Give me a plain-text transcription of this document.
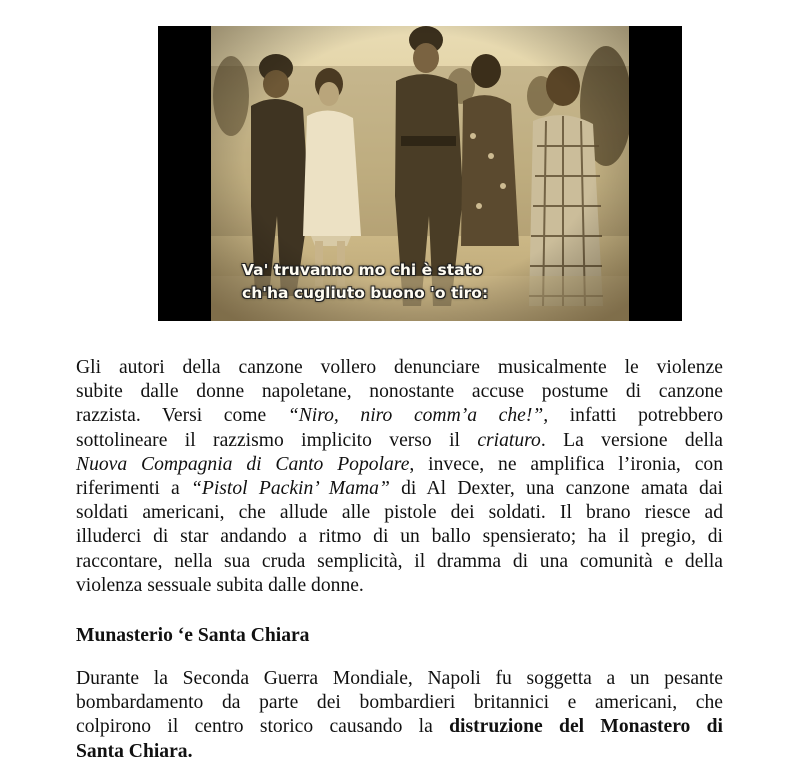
Va' truvanno mo chi è stato
ch'ha cugliuto buono 'o tiro:
Gli autori della canzone vollero denunciare musicalmente le violenze
subite dalle donne napoletane, nonostante accuse postume di canzone
razzista. Versi come “Niro, niro comm’a che!”, infatti potrebbero
sottolineare il razzismo implicito verso il criaturo. La versione della
Nuova Compagnia di Canto Popolare, invece, ne amplifica l’ironia, con
riferimenti a “Pistol Packin’ Mama” di Al Dexter, una canzone amata dai
soldati americani, che allude alle pistole dei soldati. Il brano riesce ad
illuderci di star andando a ritmo di un ballo spensierato; ha il pregio, di
raccontare, nella sua cruda semplicità, il dramma di una comunità e della
violenza sessuale subita dalle donne.
Munasterio ‘e Santa Chiara
Durante la Seconda Guerra Mondiale, Napoli fu soggetta a un pesante
bombardamento da parte dei bombardieri britannici e americani, che
colpirono il centro storico causando la distruzione del Monastero di
Santa Chiara.
